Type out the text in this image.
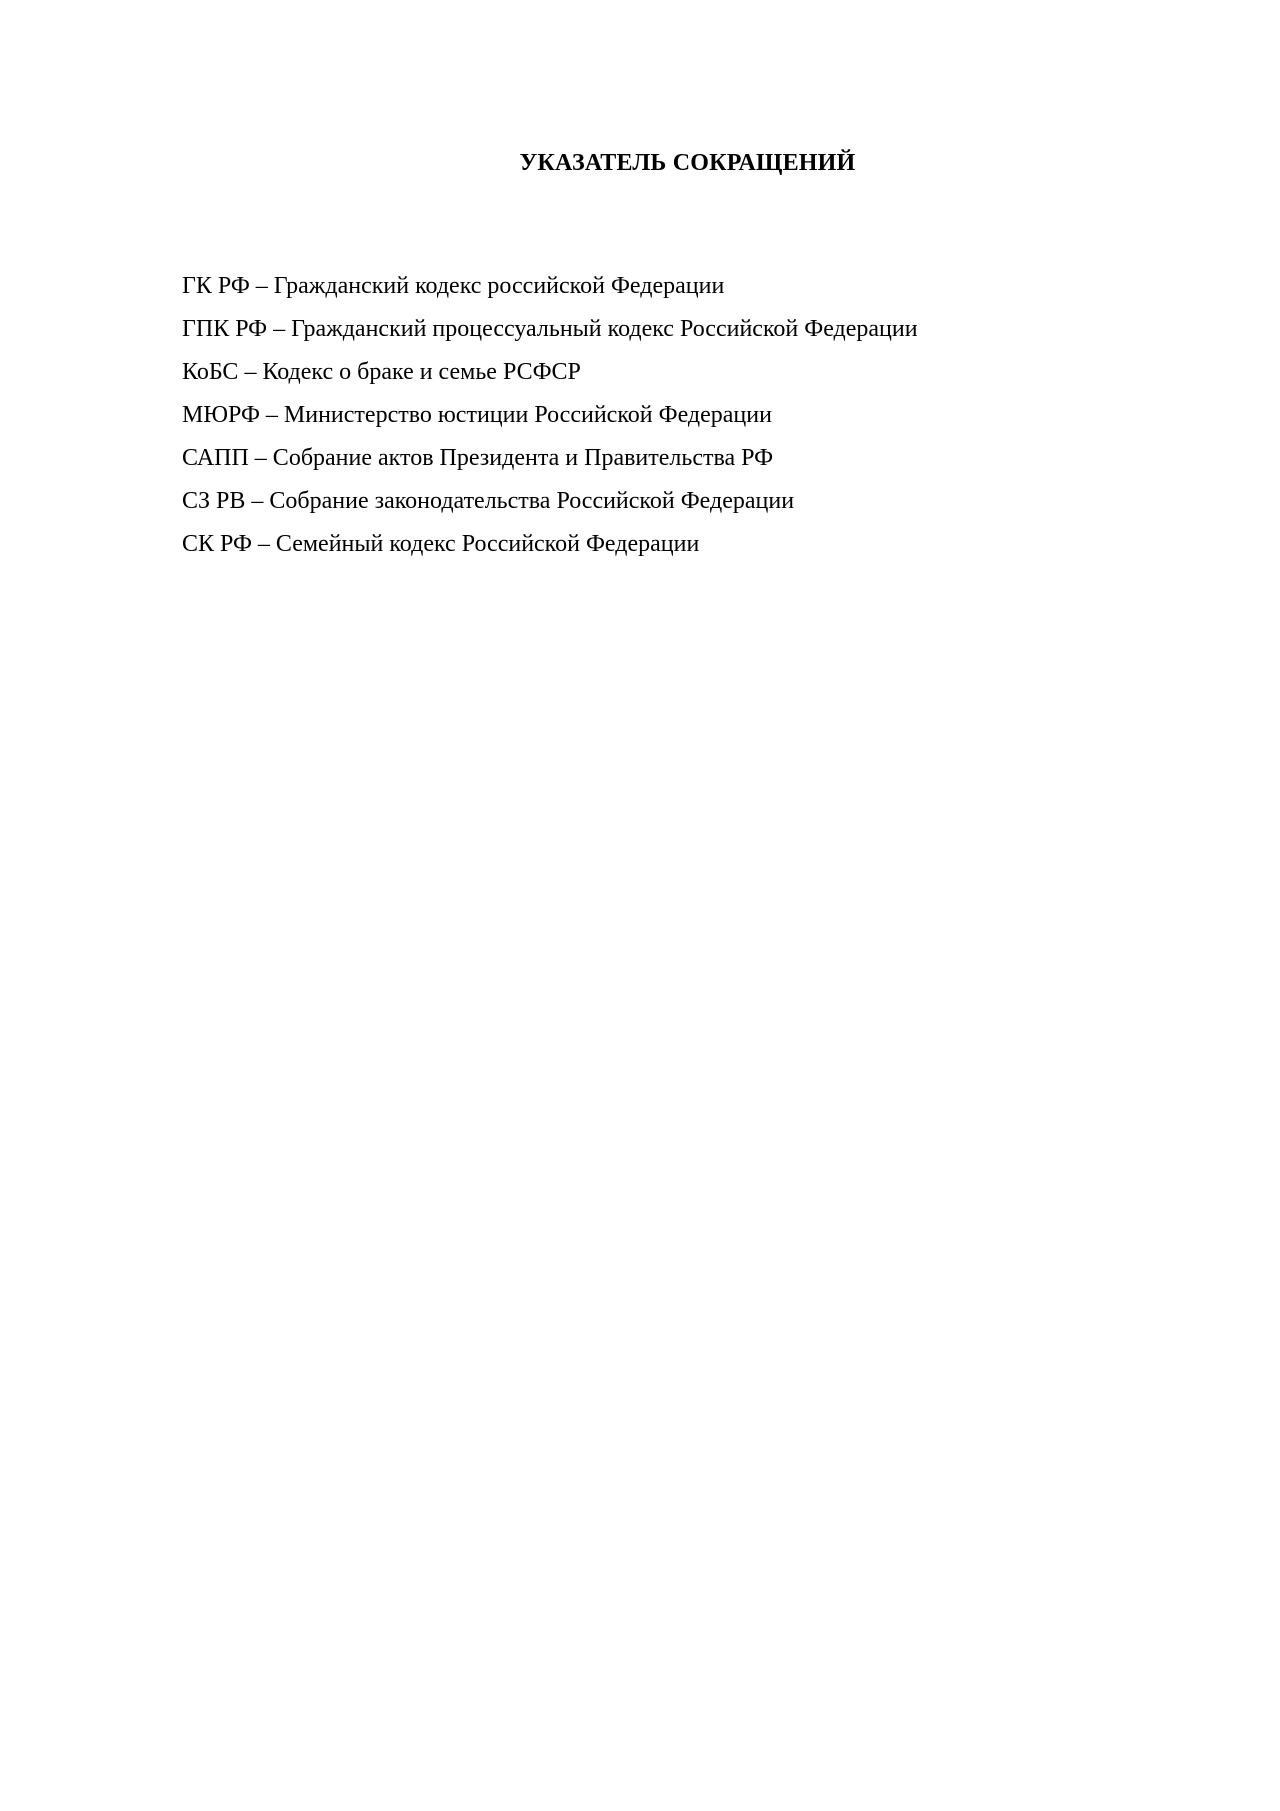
УКАЗАТЕЛЬ СОКРАЩЕНИЙ
ГК РФ – Гражданский кодекс российской Федерации
ГПК РФ – Гражданский процессуальный кодекс Российской Федерации
КоБС – Кодекс о браке и семье РСФСР
МЮРФ – Министерство юстиции Российской Федерации
САПП – Собрание актов Президента и Правительства РФ
СЗ РВ – Собрание законодательства Российской Федерации
СК РФ – Семейный кодекс Российской Федерации
